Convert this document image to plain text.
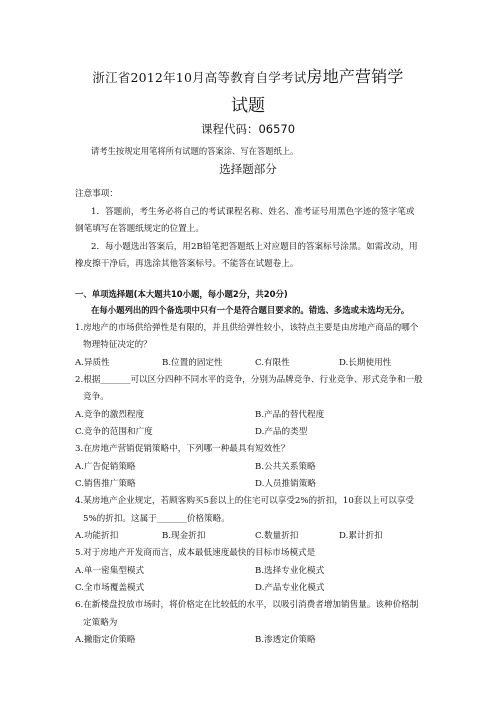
浙江省2012年10月高等教育自学考试房地产营销学
试题
课程代码：06570
请考生按规定用笔将所有试题的答案涂、写在答题纸上。
选择题部分
注意事项：
1．答题前，考生务必将自己的考试课程名称、姓名、准考证号用黑色字迹的签字笔或
钢笔填写在答题纸规定的位置上。
2．每小题选出答案后，用2B铅笔把答题纸上对应题目的答案标号涂黑。如需改动，用
橡皮擦干净后，再选涂其他答案标号。不能答在试题卷上。
一、单项选择题(本大题共10小题，每小题2分，共20分)
在每小题列出的四个备选项中只有一个是符合题目要求的。错选、多选或未选均无分。
1.房地产的市场供给弹性是有限的，并且供给弹性较小，该特点主要是由房地产商品的哪个
物理特征决定的？
A.异质性	B.位置的固定性	C.有限性	D.长期使用性
2.根据_______可以区分四种不同水平的竞争，分别为品牌竞争、行业竞争、形式竞争和一般
竞争。
A.竞争的激烈程度	B.产品的替代程度
C.竞争的范围和广度	D.产品的类型
3.在房地产营销促销策略中，下列哪一种最具有短效性？
A.广告促销策略	B.公共关系策略
C.销售推广策略	D.人员推销策略
4.某房地产企业规定，若顾客购买5套以上的住宅可以享受2%的折扣，10套以上可以享受
5%的折扣。这属于_______价格策略。
A.功能折扣	B.现金折扣	C.数量折扣	D.累计折扣
5.对于房地产开发商而言，成本最低速度最快的目标市场模式是
A.单一密集型模式	B.选择专业化模式
C.全市场覆盖模式	D.产品专业化模式
6.在新楼盘投放市场时，将价格定在比较低的水平，以吸引消费者增加销售量。该种价格制
定策略为
A.撇脂定价策略	B.渗透定价策略
